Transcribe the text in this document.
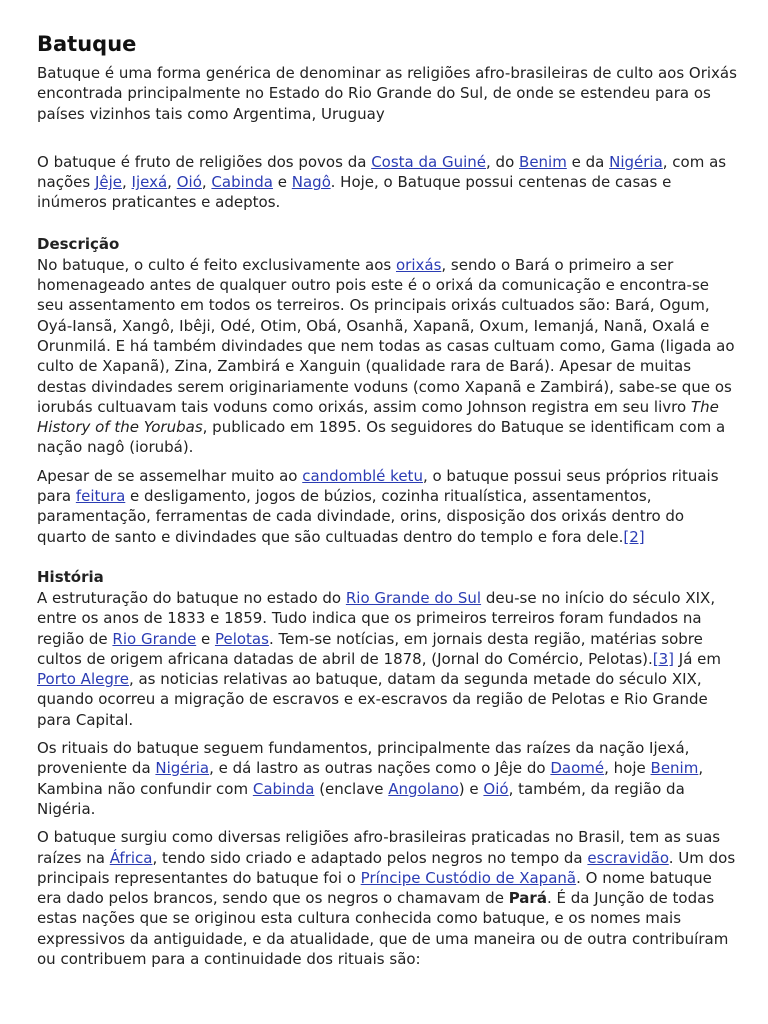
Batuque

Batuque é uma forma genérica de denominar as religiões afro-brasileiras de culto aos Orixás encontrada principalmente no Estado do Rio Grande do Sul, de onde se estendeu para os países vizinhos tais como Argentima, Uruguay

O batuque é fruto de religiões dos povos da Costa da Guiné, do Benim e da Nigéria, com as nações Jêje, Ijexá, Oió, Cabinda e Nagô. Hoje, o Batuque possui centenas de casas e inúmeros praticantes e adeptos.

Descrição

No batuque, o culto é feito exclusivamente aos orixás, sendo o Bará o primeiro a ser homenageado antes de qualquer outro pois este é o orixá da comunicação e encontra-se seu assentamento em todos os terreiros. Os principais orixás cultuados são: Bará, Ogum, Oyá-Iansã, Xangô, Ibêji, Odé, Otim, Obá, Osanhã, Xapanã, Oxum, Iemanjá, Nanã, Oxalá e Orunmilá. E há também divindades que nem todas as casas cultuam como, Gama (ligada ao culto de Xapanã), Zina, Zambirá e Xanguin (qualidade rara de Bará). Apesar de muitas destas divindades serem originariamente voduns (como Xapanã e Zambirá), sabe-se que os iorubás cultuavam tais voduns como orixás, assim como Johnson registra em seu livro The History of the Yorubas, publicado em 1895. Os seguidores do Batuque se identificam com a nação nagô (iorubá).

Apesar de se assemelhar muito ao candomblé ketu, o batuque possui seus próprios rituais para feitura e desligamento, jogos de búzios, cozinha ritualística, assentamentos, paramentação, ferramentas de cada divindade, orins, disposição dos orixás dentro do quarto de santo e divindades que são cultuadas dentro do templo e fora dele.[2]

História

A estruturação do batuque no estado do Rio Grande do Sul deu-se no início do século XIX, entre os anos de 1833 e 1859. Tudo indica que os primeiros terreiros foram fundados na região de Rio Grande e Pelotas. Tem-se notícias, em jornais desta região, matérias sobre cultos de origem africana datadas de abril de 1878, (Jornal do Comércio, Pelotas).[3] Já em Porto Alegre, as noticias relativas ao batuque, datam da segunda metade do século XIX, quando ocorreu a migração de escravos e ex-escravos da região de Pelotas e Rio Grande para Capital.

Os rituais do batuque seguem fundamentos, principalmente das raízes da nação Ijexá, proveniente da Nigéria, e dá lastro as outras nações como o Jêje do Daomé, hoje Benim, Kambina não confundir com Cabinda (enclave Angolano) e Oió, também, da região da Nigéria.

O batuque surgiu como diversas religiões afro-brasileiras praticadas no Brasil, tem as suas raízes na África, tendo sido criado e adaptado pelos negros no tempo da escravidão. Um dos principais representantes do batuque foi o Príncipe Custódio de Xapanã. O nome batuque era dado pelos brancos, sendo que os negros o chamavam de Pará. É da Junção de todas estas nações que se originou esta cultura conhecida como batuque, e os nomes mais expressivos da antiguidade, e da atualidade, que de uma maneira ou de outra contribuíram ou contribuem para a continuidade dos rituais são:
